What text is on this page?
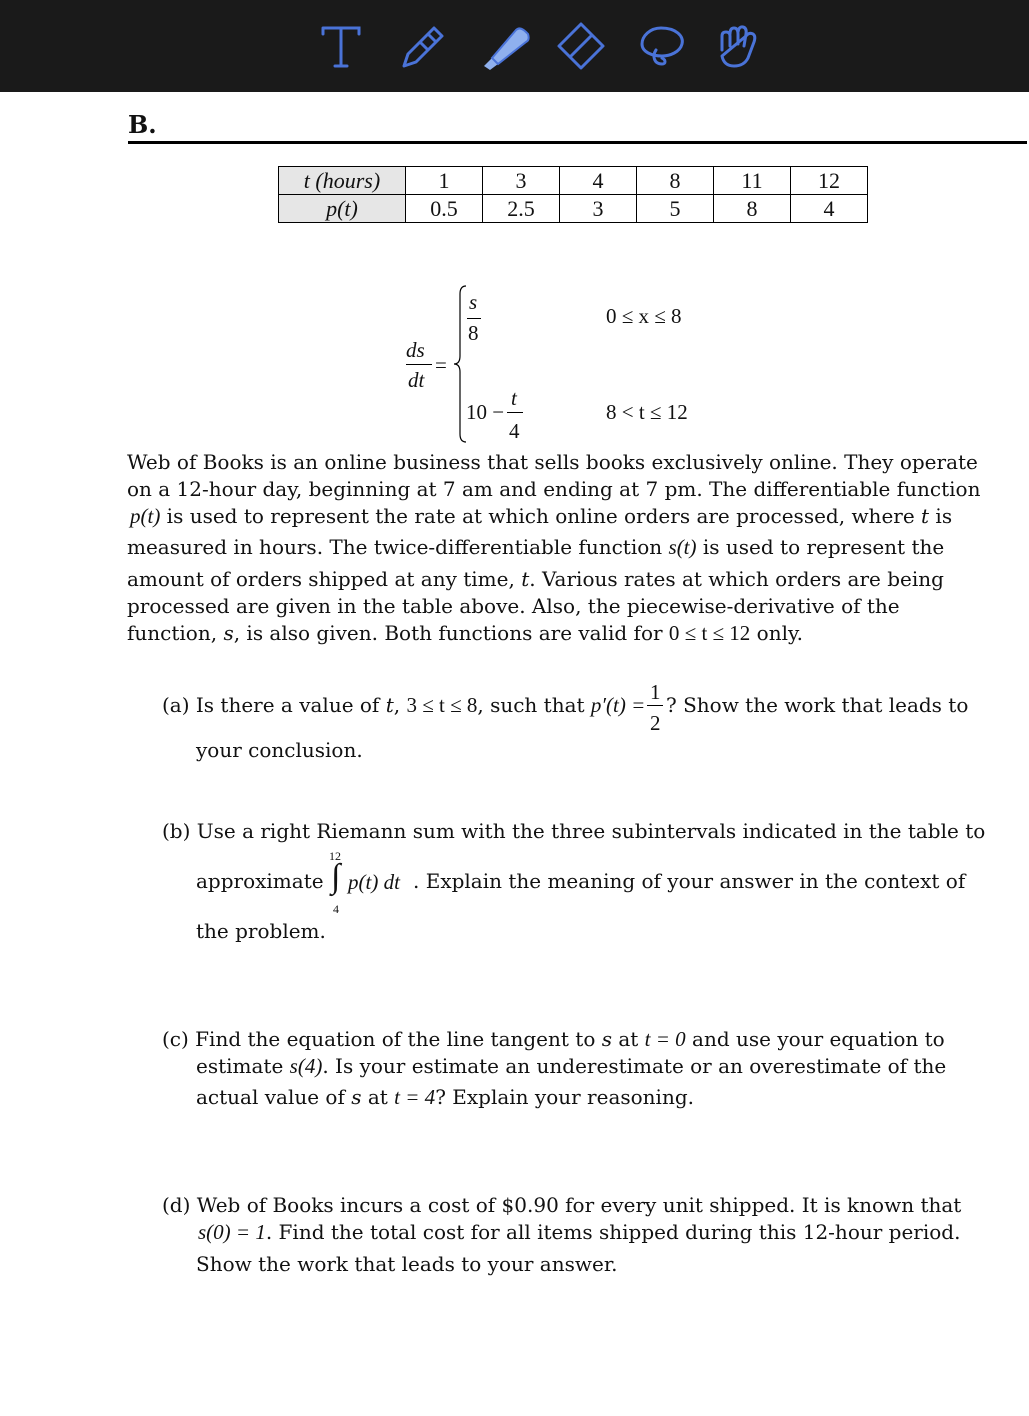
B.
t (hours)	1	3	4	8	11	12
p(t)	0.5	2.5	3	5	8	4
ds
dt
=
s
8
0 ≤ x ≤ 8
10 −
t
4
8 < t ≤ 12
Web of Books is an online business that sells books exclusively online. They operate
on a 12-hour day, beginning at 7 am and ending at 7 pm. The differentiable function
p(t) is used to represent the rate at which online orders are processed, where t is
measured in hours. The twice-differentiable function s(t) is used to represent the
amount of orders shipped at any time, t. Various rates at which orders are being
processed are given in the table above. Also, the piecewise-derivative of the
function, s, is also given. Both functions are valid for 0 ≤ t ≤ 12 only.
(a) Is there a value of t, 3 ≤ t ≤ 8, such that p′(t) =
1
2
? Show the work that leads to
your conclusion.
(b) Use a right Riemann sum with the three subintervals indicated in the table to
approximate
12
∫
4
p(t) dt . Explain the meaning of your answer in the context of
the problem.
(c) Find the equation of the line tangent to s at t = 0 and use your equation to
estimate s(4). Is your estimate an underestimate or an overestimate of the
actual value of s at t = 4? Explain your reasoning.
(d) Web of Books incurs a cost of $0.90 for every unit shipped. It is known that
s(0) = 1. Find the total cost for all items shipped during this 12-hour period.
Show the work that leads to your answer.
